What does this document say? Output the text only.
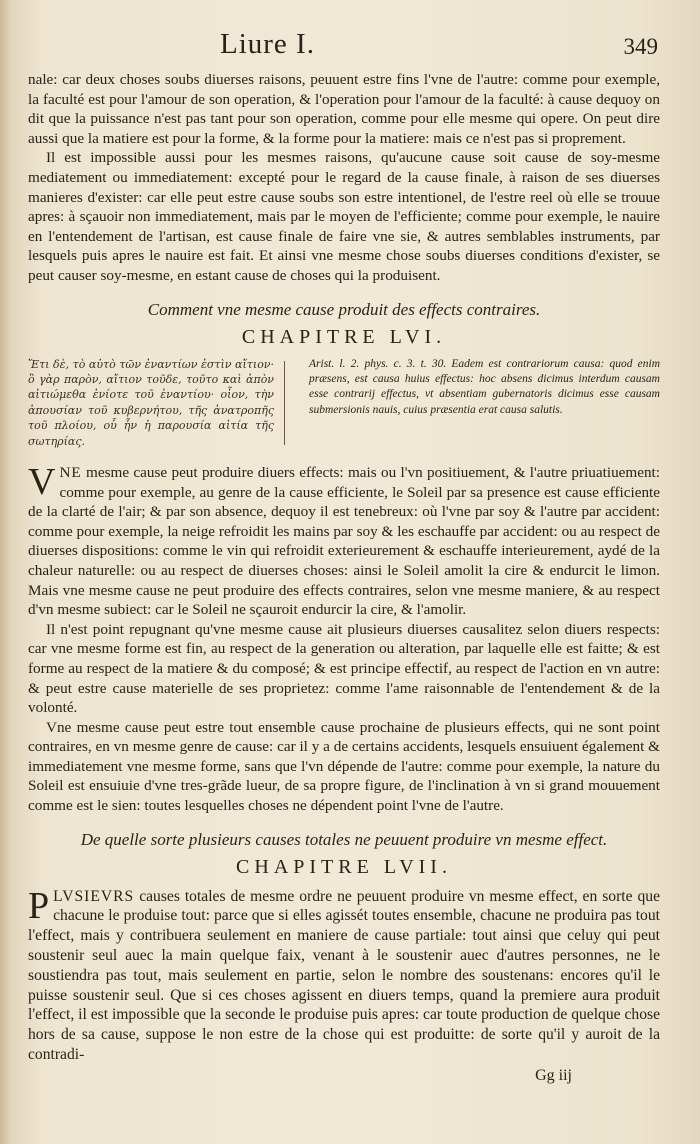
Liure I.	349

nale: car deux choses soubs diuerses raisons, peuuent estre fins l'vne de l'autre: comme pour exemple, la faculté est pour l'amour de son operation, & l'operation pour l'amour de la faculté: à cause dequoy on dit que la puissance n'est pas tant pour son operation, comme pour elle mesme qui opere. On peut dire aussi que la matiere est pour la forme, & la forme pour la matiere: mais ce n'est pas si proprement.

Il est impossible aussi pour les mesmes raisons, qu'aucune cause soit cause de soy-mesme mediatement ou immediatement: excepté pour le regard de la cause finale, à raison de ses diuerses manieres d'exister: car elle peut estre cause soubs son estre intentionel, de l'estre reel où elle se trouue apres: à sçauoir non immediatement, mais par le moyen de l'efficiente; comme pour exemple, le nauire en l'entendement de l'artisan, est cause finale de faire vne sie, & autres semblables instruments, par lesquels puis apres le nauire est fait. Et ainsi vne mesme chose soubs diuerses conditions d'exister, se peut causer soy-mesme, en estant cause de choses qui la produisent.

Comment vne mesme cause produit des effects contraires.
CHAPITRE LVI.
Ἔτι δὲ, τὸ αὐτὸ τῶν ἐναντίων ἐστὶν αἴτιον· ὃ γὰρ παρὸν, αἴτιον τοῦδε, τοῦτο καὶ ἀπὸν αἰτιώμεθα ἐνίοτε τοῦ ἐναντίου· οἷον, τὴν ἀπουσίαν τοῦ κυβερνήτου, τῆς ἀνατροπῆς τοῦ πλοίου, οὗ ἦν ἡ παρουσία αἰτία τῆς σωτηρίας.
Arist. l. 2. phys. c. 3. t. 30. Eadem est contrariorum causa: quod enim præsens, est causa huius effectus: hoc absens dicimus interdum causam esse contrarij effectus, vt absentiam gubernatoris dicimus esse causam submersionis nauis, cuius præsentia erat causa salutis.

VNE mesme cause peut produire diuers effects: mais ou l'vn positiuement, & l'autre priuatiuement: comme pour exemple, au genre de la cause efficiente, le Soleil par sa presence est cause efficiente de la clarté de l'air; & par son absence, dequoy il est tenebreux: où l'vne par soy & l'autre par accident: comme pour exemple, la neige refroidit les mains par soy & les eschauffe par accident: ou au respect de diuerses dispositions: comme le vin qui refroidit exterieurement & eschauffe interieurement, aydé de la chaleur naturelle: ou au respect de diuerses choses: ainsi le Soleil amolit la cire & endurcit le limon. Mais vne mesme cause ne peut produire des effects contraires, selon vne mesme maniere, & au respect d'vn mesme subiect: car le Soleil ne sçauroit endurcir la cire, & l'amolir.

Il n'est point repugnant qu'vne mesme cause ait plusieurs diuerses causalitez selon diuers respects: car vne mesme forme est fin, au respect de la generation ou alteration, par laquelle elle est faitte; & est forme au respect de la matiere & du composé; & est principe effectif, au respect de l'action en vn autre: & peut estre cause materielle de ses proprietez: comme l'ame raisonnable de l'entendement & de la volonté.

Vne mesme cause peut estre tout ensemble cause prochaine de plusieurs effects, qui ne sont point contraires, en vn mesme genre de cause: car il y a de certains accidents, lesquels ensuiuent également & immediatement vne mesme forme, sans que l'vn dépende de l'autre: comme pour exemple, la nature du Soleil est ensuiuie d'vne tres-grãde lueur, de sa propre figure, de l'inclination à vn si grand mouuement comme est le sien: toutes lesquelles choses ne dépendent point l'vne de l'autre.

De quelle sorte plusieurs causes totales ne peuuent produire vn mesme effect.
CHAPITRE LVII.

PLVSIEVRS causes totales de mesme ordre ne peuuent produire vn mesme effect, en sorte que chacune le produise tout: parce que si elles agissét toutes ensemble, chacune ne produira pas tout l'effect, mais y contribuera seulement en maniere de cause partiale: tout ainsi que celuy qui peut soustenir seul auec la main quelque faix, venant à le soustenir auec d'autres personnes, ne le soustiendra pas tout, mais seulement en partie, selon le nombre des soustenans: encores qu'il le puisse soustenir seul. Que si ces choses agissent en diuers temps, quand la premiere aura produit l'effect, il est impossible que la seconde le produise puis apres: car toute production de quelque chose hors de sa cause, suppose le non estre de la chose qui est produitte: de sorte qu'il y auroit de la contradi-

Gg iij
